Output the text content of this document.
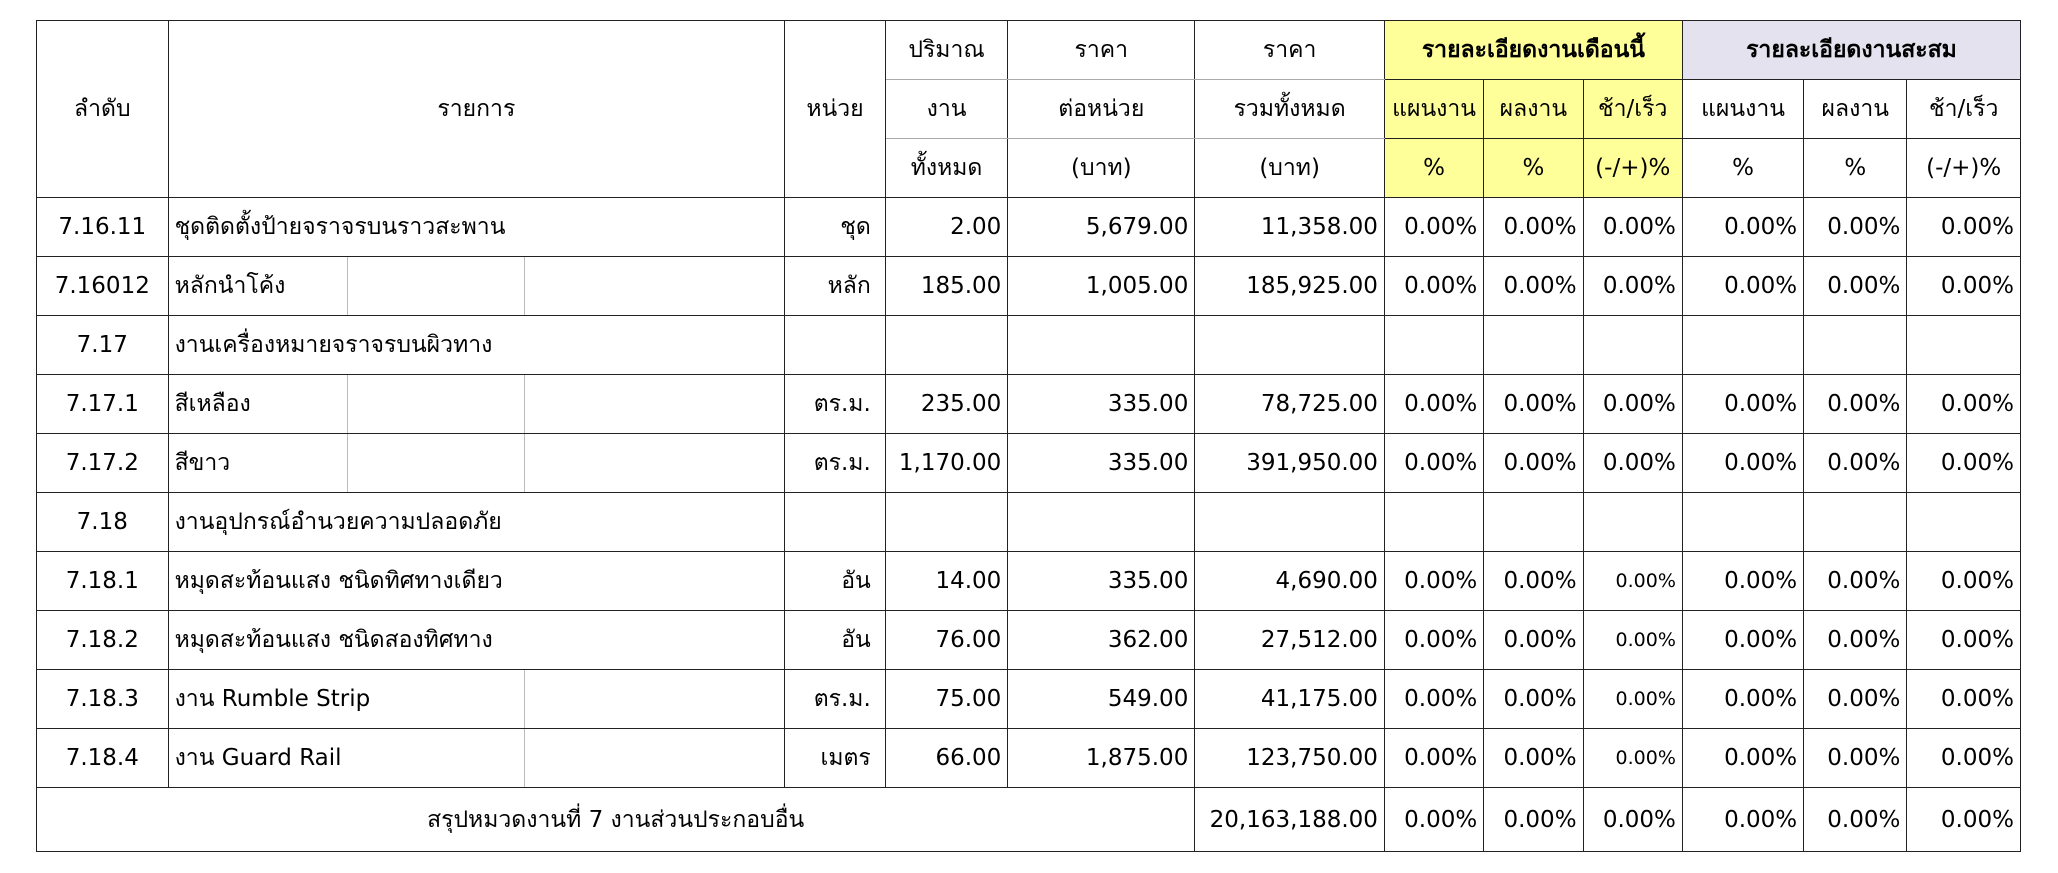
ลำดับ	รายการ	หน่วย	ปริมาณ	ราคา	ราคา	รายละเอียดงานเดือนนี้			รายละเอียดงานสะสม		
			งาน	ต่อหน่วย	รวมทั้งหมด	แผนงาน	ผลงาน	ช้า/เร็ว	แผนงาน	ผลงาน	ช้า/เร็ว
			ทั้งหมด	(บาท)	(บาท)	%	%	(-/+)%	%	%	(-/+)%
7.16.11	ชุดติดตั้งป้ายจราจรบนราวสะพาน	ชุด	2.00	5,679.00	11,358.00	0.00%	0.00%	0.00%	0.00%	0.00%	0.00%
7.16012	หลักนำโค้ง	หลัก	185.00	1,005.00	185,925.00	0.00%	0.00%	0.00%	0.00%	0.00%	0.00%
7.17	งานเครื่องหมายจราจรบนผิวทาง										

7.17.1	สีเหลือง	ตร.ม.	235.00	335.00	78,725.00	0.00%	0.00%	0.00%	0.00%	0.00%	0.00%
7.17.2	สีขาว	ตร.ม.	1,170.00	335.00	391,950.00	0.00%	0.00%	0.00%	0.00%	0.00%	0.00%
7.18	งานอุปกรณ์อำนวยความปลอดภัย										

7.18.1	หมุดสะท้อนแสง ชนิดทิศทางเดียว	อัน	14.00	335.00	4,690.00	0.00%	0.00%	0.00%	0.00%	0.00%	0.00%
7.18.2	หมุดสะท้อนแสง ชนิดสองทิศทาง	อัน	76.00	362.00	27,512.00	0.00%	0.00%	0.00%	0.00%	0.00%	0.00%
7.18.3	งาน Rumble Strip	ตร.ม.	75.00	549.00	41,175.00	0.00%	0.00%	0.00%	0.00%	0.00%	0.00%
7.18.4	งาน Guard Rail	เมตร	66.00	1,875.00	123,750.00	0.00%	0.00%	0.00%	0.00%	0.00%	0.00%
สรุปหมวดงานที่ 7 งานส่วนประกอบอื่น					20,163,188.00	0.00%	0.00%	0.00%	0.00%	0.00%	0.00%
